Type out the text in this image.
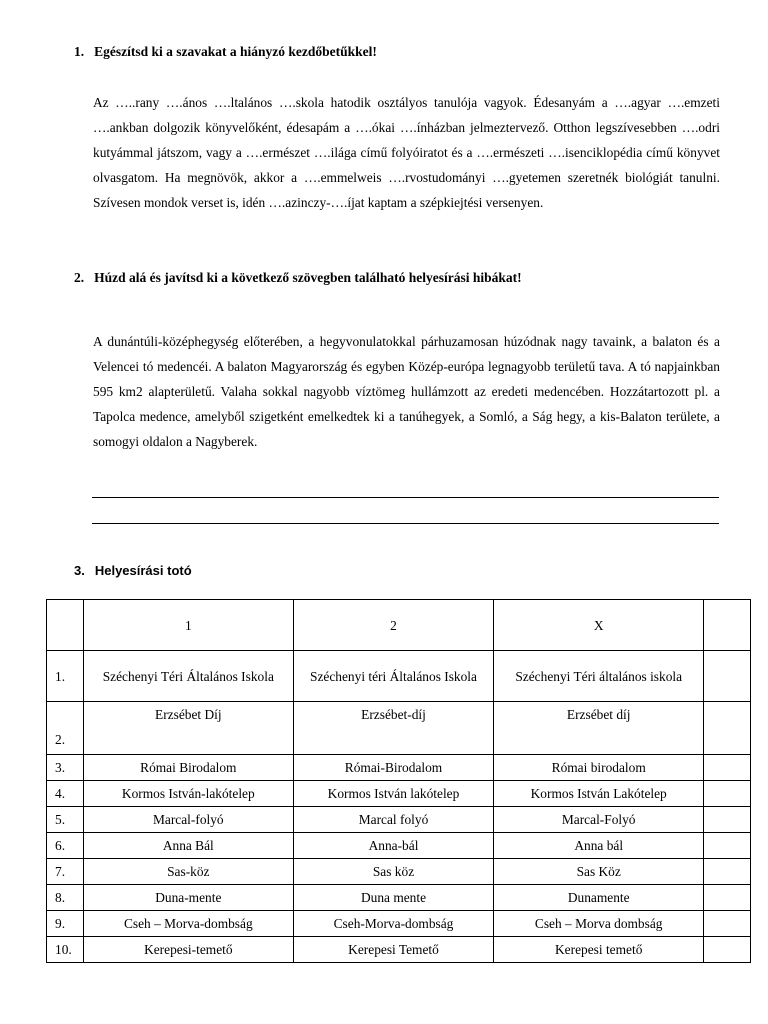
1. Egészítsd ki a szavakat a hiányzó kezdőbetűkkel!

Az …..rany ….ános ….ltalános ….skola hatodik osztályos tanulója vagyok. Édesanyám a ….agyar ….emzeti ….ankban dolgozik könyvelőként, édesapám a ….ókai ….ínházban jelmeztervező. Otthon legszívesebben ….odri kutyámmal játszom, vagy a ….ermészet ….ilága című folyóiratot és a ….ermészeti ….isenciklopédia című könyvet olvasgatom. Ha megnövök, akkor a ….emmelweis ….rvostudományi ….gyetemen szeretnék biológiát tanulni. Szívesen mondok verset is, idén ….azinczy-….íjat kaptam a szépkiejtési versenyen.

2. Húzd alá és javítsd ki a következő szövegben található helyesírási hibákat!

A dunántúli-középhegység előterében, a hegyvonulatokkal párhuzamosan húzódnak nagy tavaink, a balaton és a Velencei tó medencéi. A balaton Magyarország és egyben Közép-európa legnagyobb területű tava. A tó napjainkban 595 km2 alapterületű. Valaha sokkal nagyobb víztömeg hullámzott az eredeti medencében. Hozzátartozott pl. a Tapolca medence, amelyből szigetként emelkedtek ki a tanúhegyek, a Somló, a Ság hegy, a kis-Balaton területe, a somogyi oldalon a Nagyberek.

3. Helyesírási totó
	1	2	X	
1.	Széchenyi Téri Általános Iskola	Széchenyi téri Általános Iskola	Széchenyi Téri általános iskola	
2.	Erzsébet Díj	Erzsébet-díj	Erzsébet díj	
3.	Római Birodalom	Római-Birodalom	Római birodalom	
4.	Kormos István-lakótelep	Kormos István lakótelep	Kormos István Lakótelep	
5.	Marcal-folyó	Marcal folyó	Marcal-Folyó	
6.	Anna Bál	Anna-bál	Anna bál	
7.	Sas-köz	Sas köz	Sas Köz	
8.	Duna-mente	Duna mente	Dunamente	
9.	Cseh – Morva-dombság	Cseh-Morva-dombság	Cseh – Morva dombság	
10.	Kerepesi-temető	Kerepesi Temető	Kerepesi temető	
